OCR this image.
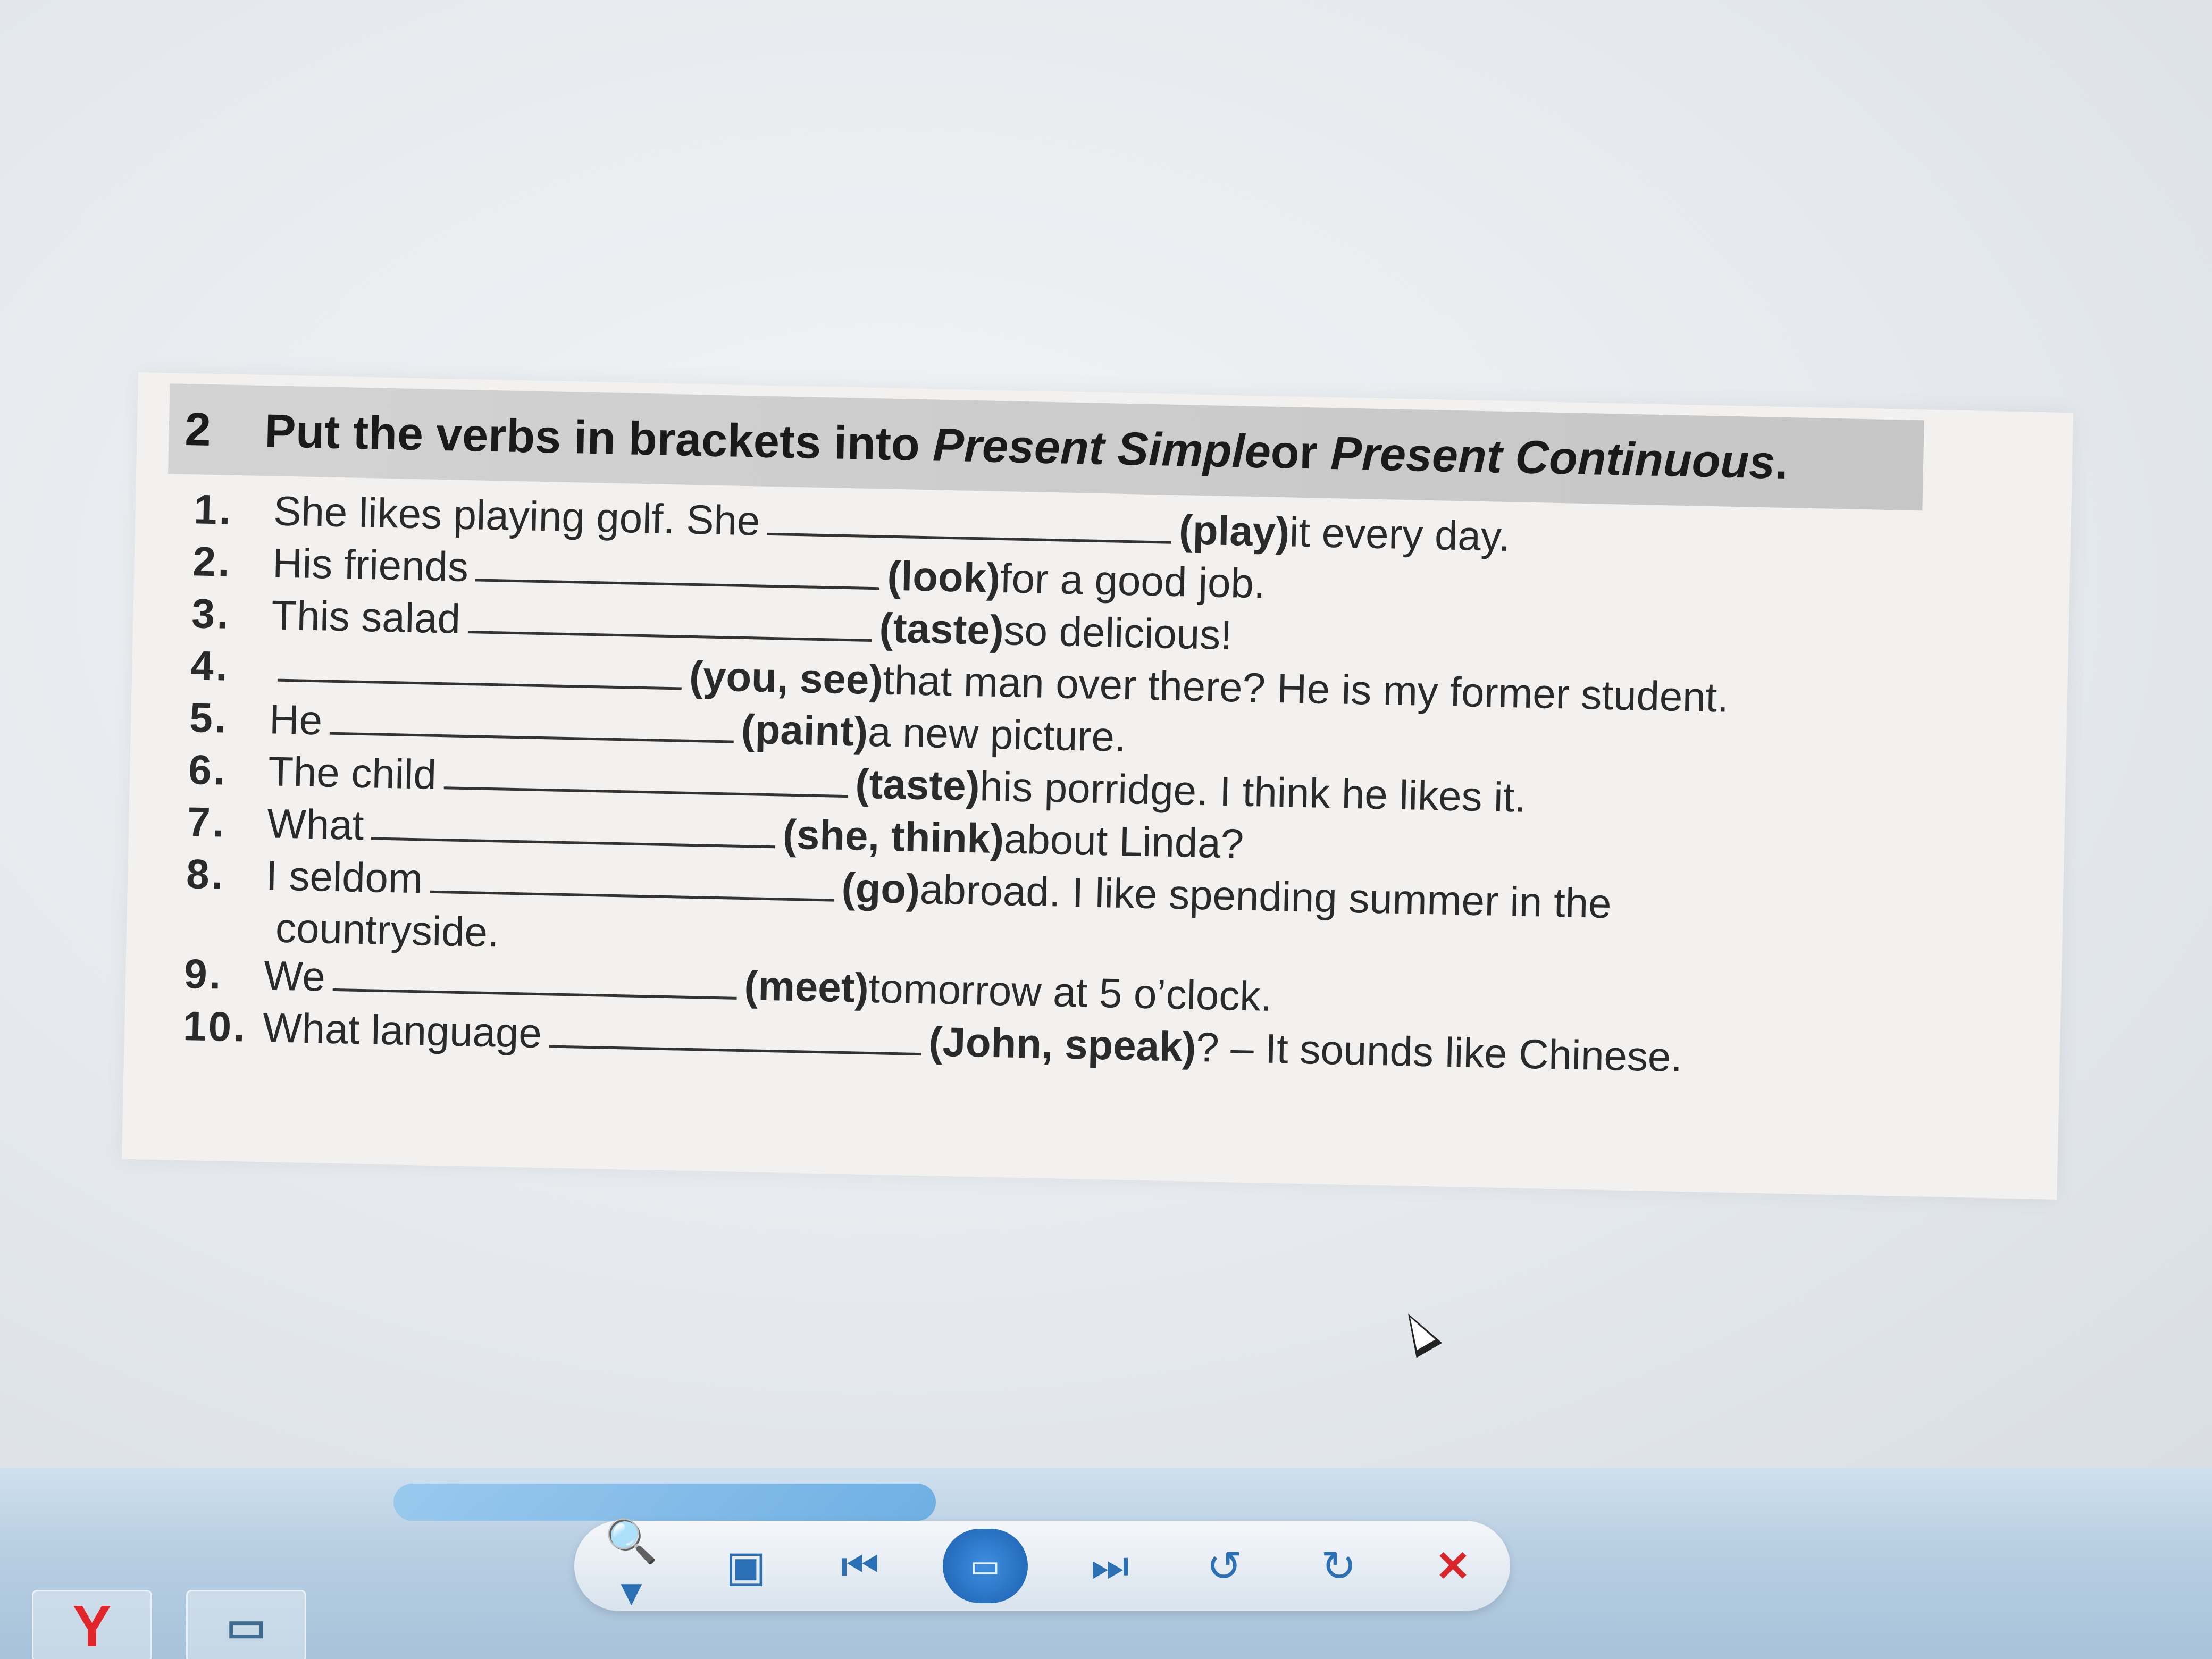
2	Put the verbs in brackets into
Present Simple
or
Present Continuous
.
1. She likes playing golf. She	(play)
it every day.
2. His friends	(look)
for a good job.
3. This salad	(taste)
so delicious!
4.	(you, see)
that man over there? He is my former student.
5. He	(paint)
a new picture.
6. The child	(taste)
his porridge. I think he likes it.
7. What	(she, think)
about Linda?
8. I seldom	(go)
abroad. I like spending summer in the
countryside.
9. We	(meet)
tomorrow at 5 o’clock.
10. What language	(John, speak)
? – It sounds like Chinese.
🔍▾
▣	⏮	▭	⏭	↺	↻	✕
Y	▭
